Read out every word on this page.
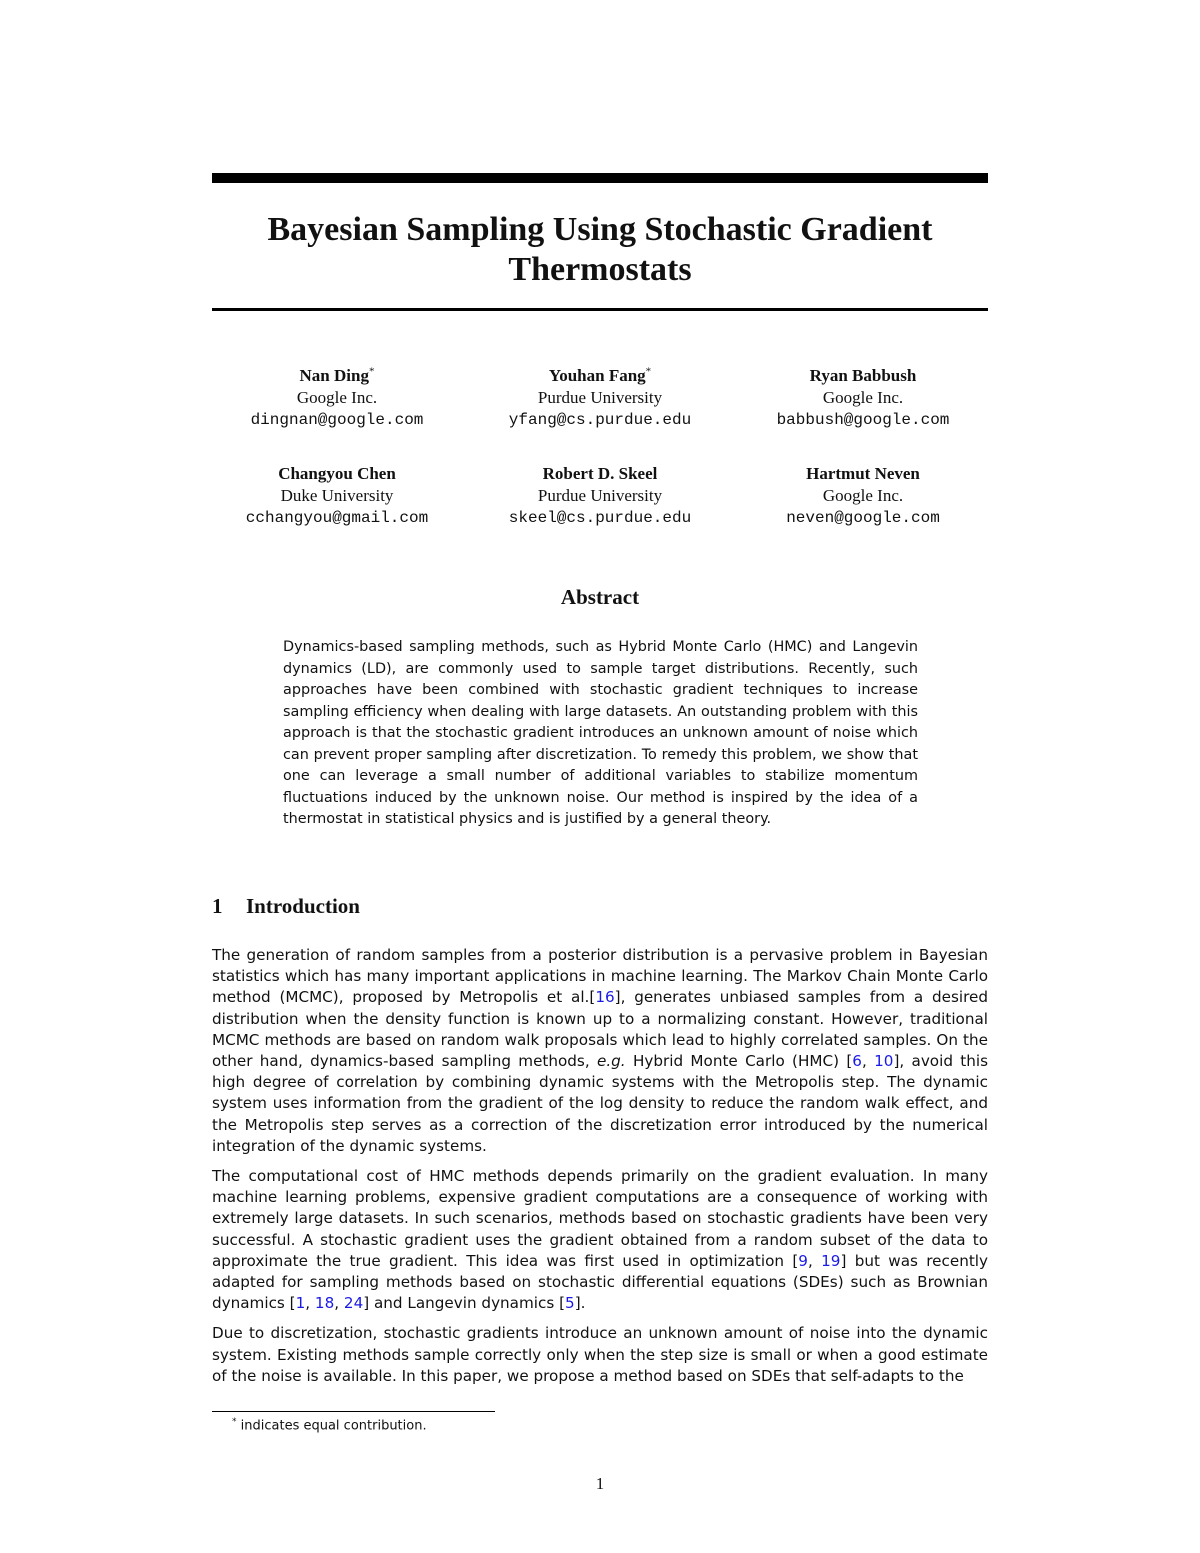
Bayesian Sampling Using Stochastic Gradient Thermostats
Nan Ding*
Google Inc.
dingnan@google.com
Youhan Fang*
Purdue University
yfang@cs.purdue.edu
Ryan Babbush
Google Inc.
babbush@google.com
Changyou Chen
Duke University
cchangyou@gmail.com
Robert D. Skeel
Purdue University
skeel@cs.purdue.edu
Hartmut Neven
Google Inc.
neven@google.com
Abstract
Dynamics-based sampling methods, such as Hybrid Monte Carlo (HMC) and Langevin dynamics (LD), are commonly used to sample target distributions. Recently, such approaches have been combined with stochastic gradient techniques to increase sampling efficiency when dealing with large datasets. An outstanding problem with this approach is that the stochastic gradient introduces an unknown amount of noise which can prevent proper sampling after discretization. To remedy this problem, we show that one can leverage a small number of additional variables to stabilize momentum fluctuations induced by the unknown noise. Our method is inspired by the idea of a thermostat in statistical physics and is justified by a general theory.
1 Introduction

The generation of random samples from a posterior distribution is a pervasive problem in Bayesian statistics which has many important applications in machine learning. The Markov Chain Monte Carlo method (MCMC), proposed by Metropolis et al.[16], generates unbiased samples from a desired distribution when the density function is known up to a normalizing constant. However, traditional MCMC methods are based on random walk proposals which lead to highly correlated samples. On the other hand, dynamics-based sampling methods, e.g. Hybrid Monte Carlo (HMC) [6, 10], avoid this high degree of correlation by combining dynamic systems with the Metropolis step. The dynamic system uses information from the gradient of the log density to reduce the random walk effect, and the Metropolis step serves as a correction of the discretization error introduced by the numerical integration of the dynamic systems.

The computational cost of HMC methods depends primarily on the gradient evaluation. In many machine learning problems, expensive gradient computations are a consequence of working with extremely large datasets. In such scenarios, methods based on stochastic gradients have been very successful. A stochastic gradient uses the gradient obtained from a random subset of the data to approximate the true gradient. This idea was first used in optimization [9, 19] but was recently adapted for sampling methods based on stochastic differential equations (SDEs) such as Brownian dynamics [1, 18, 24] and Langevin dynamics [5].

Due to discretization, stochastic gradients introduce an unknown amount of noise into the dynamic system. Existing methods sample correctly only when the step size is small or when a good estimate of the noise is available. In this paper, we propose a method based on SDEs that self-adapts to the

* indicates equal contribution.
1
